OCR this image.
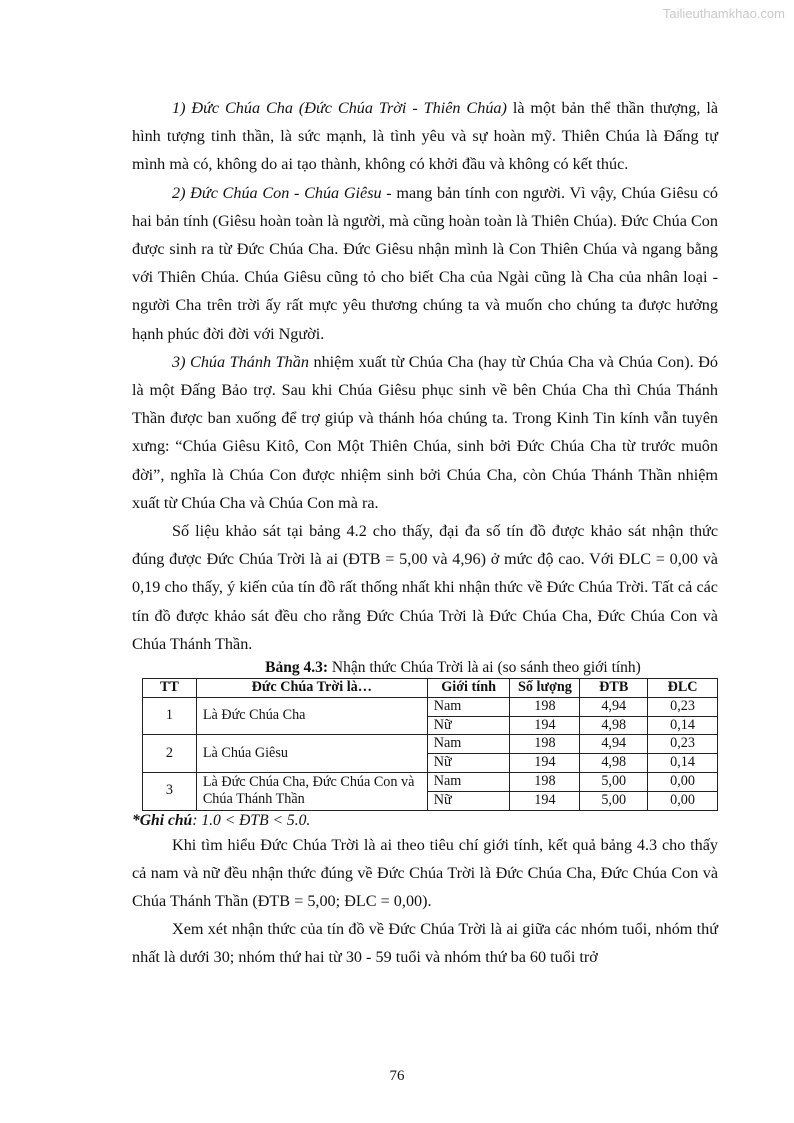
Tailieuthamkhao.com

1) Đức Chúa Cha (Đức Chúa Trời - Thiên Chúa) là một bản thể thần thượng, là hình tượng tinh thần, là sức mạnh, là tình yêu và sự hoàn mỹ. Thiên Chúa là Đấng tự mình mà có, không do ai tạo thành, không có khởi đầu và không có kết thúc.

2) Đức Chúa Con - Chúa Giêsu - mang bản tính con người. Vì vậy, Chúa Giêsu có hai bản tính (Giêsu hoàn toàn là người, mà cũng hoàn toàn là Thiên Chúa). Đức Chúa Con được sinh ra từ Đức Chúa Cha. Đức Giêsu nhận mình là Con Thiên Chúa và ngang bằng với Thiên Chúa. Chúa Giêsu cũng tỏ cho biết Cha của Ngài cũng là Cha của nhân loại - người Cha trên trời ấy rất mực yêu thương chúng ta và muốn cho chúng ta được hưởng hạnh phúc đời đời với Người.

3) Chúa Thánh Thần nhiệm xuất từ Chúa Cha (hay từ Chúa Cha và Chúa Con). Đó là một Đấng Bảo trợ. Sau khi Chúa Giêsu phục sinh về bên Chúa Cha thì Chúa Thánh Thần được ban xuống để trợ giúp và thánh hóa chúng ta. Trong Kinh Tin kính vẫn tuyên xưng: “Chúa Giêsu Kitô, Con Một Thiên Chúa, sinh bởi Đức Chúa Cha từ trước muôn đời”, nghĩa là Chúa Con được nhiệm sinh bởi Chúa Cha, còn Chúa Thánh Thần nhiệm xuất từ Chúa Cha và Chúa Con mà ra.

Số liệu khảo sát tại bảng 4.2 cho thấy, đại đa số tín đồ được khảo sát nhận thức đúng được Đức Chúa Trời là ai (ĐTB = 5,00 và 4,96) ở mức độ cao. Với ĐLC = 0,00 và 0,19 cho thấy, ý kiến của tín đồ rất thống nhất khi nhận thức về Đức Chúa Trời. Tất cả các tín đồ được khảo sát đều cho rằng Đức Chúa Trời là Đức Chúa Cha, Đức Chúa Con và Chúa Thánh Thần.

Bảng 4.3: Nhận thức Chúa Trời là ai (so sánh theo giới tính)

TT	Đức Chúa Trời là…	Giới tính	Số lượng	ĐTB	ĐLC
1	Là Đức Chúa Cha	Nam	198	4,94	0,23
		Nữ	194	4,98	0,14
2	Là Chúa Giêsu	Nam	198	4,94	0,23
		Nữ	194	4,98	0,14
3	Là Đức Chúa Cha, Đức Chúa Con và Chúa Thánh Thần	Nam	198	5,00	0,00
		Nữ	194	5,00	0,00

*Ghi chú: 1.0 < ĐTB < 5.0.

Khi tìm hiểu Đức Chúa Trời là ai theo tiêu chí giới tính, kết quả bảng 4.3 cho thấy cả nam và nữ đều nhận thức đúng về Đức Chúa Trời là Đức Chúa Cha, Đức Chúa Con và Chúa Thánh Thần (ĐTB = 5,00; ĐLC = 0,00).

Xem xét nhận thức của tín đồ về Đức Chúa Trời là ai giữa các nhóm tuổi, nhóm thứ nhất là dưới 30; nhóm thứ hai từ 30 - 59 tuổi và nhóm thứ ba 60 tuổi trở

76
